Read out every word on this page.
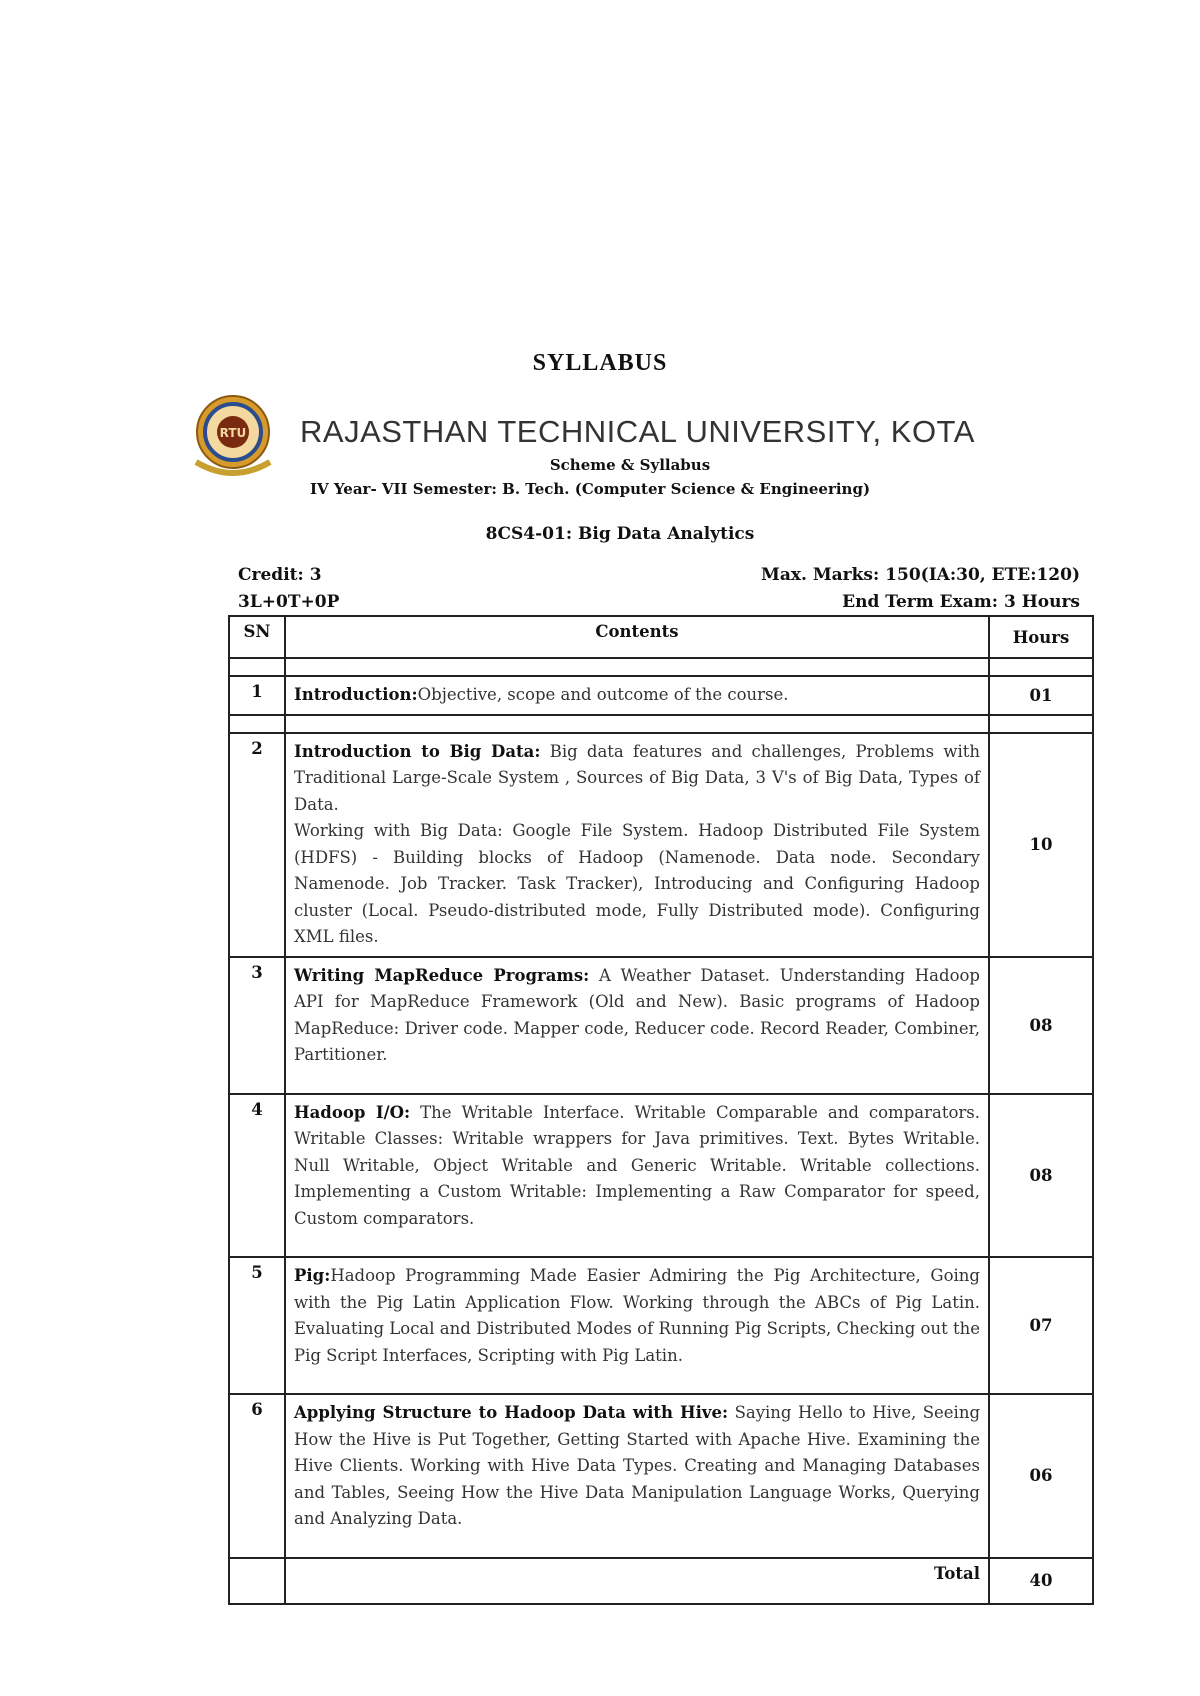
SYLLABUS
RTU RAJASTHAN TECHNICAL UNIVERSITY, KOTA
Scheme & Syllabus
IV Year- VII Semester: B. Tech. (Computer Science & Engineering)
8CS4-01: Big Data Analytics
Credit: 3
3L+0T+0P
Max. Marks: 150(IA:30, ETE:120)
End Term Exam: 3 Hours
SN	Contents	Hours

1	Introduction:Objective, scope and outcome of the course.	01

2	Introduction to Big Data: Big data features and challenges, Problems with Traditional Large-Scale System , Sources of Big Data, 3 V's of Big Data, Types of Data.
Working with Big Data: Google File System. Hadoop Distributed File System (HDFS) - Building blocks of Hadoop (Namenode. Data node. Secondary Namenode. Job Tracker. Task Tracker), Introducing and Configuring Hadoop cluster (Local. Pseudo-distributed mode, Fully Distributed mode). Configuring XML files.	10
3	Writing MapReduce Programs: A Weather Dataset. Understanding Hadoop API for MapReduce Framework (Old and New). Basic programs of Hadoop MapReduce: Driver code. Mapper code, Reducer code. Record Reader, Combiner, Partitioner.	08
4	Hadoop I/O: The Writable Interface. Writable Comparable and comparators. Writable Classes: Writable wrappers for Java primitives. Text. Bytes Writable. Null Writable, Object Writable and Generic Writable. Writable collections. Implementing a Custom Writable: Implementing a Raw Comparator for speed, Custom comparators.	08
5	Pig:Hadoop Programming Made Easier Admiring the Pig Architecture, Going with the Pig Latin Application Flow. Working through the ABCs of Pig Latin. Evaluating Local and Distributed Modes of Running Pig Scripts, Checking out the Pig Script Interfaces, Scripting with Pig Latin.	07
6	Applying Structure to Hadoop Data with Hive: Saying Hello to Hive, Seeing How the Hive is Put Together, Getting Started with Apache Hive. Examining the Hive Clients. Working with Hive Data Types. Creating and Managing Databases and Tables, Seeing How the Hive Data Manipulation Language Works, Querying and Analyzing Data.	06
	Total	40
